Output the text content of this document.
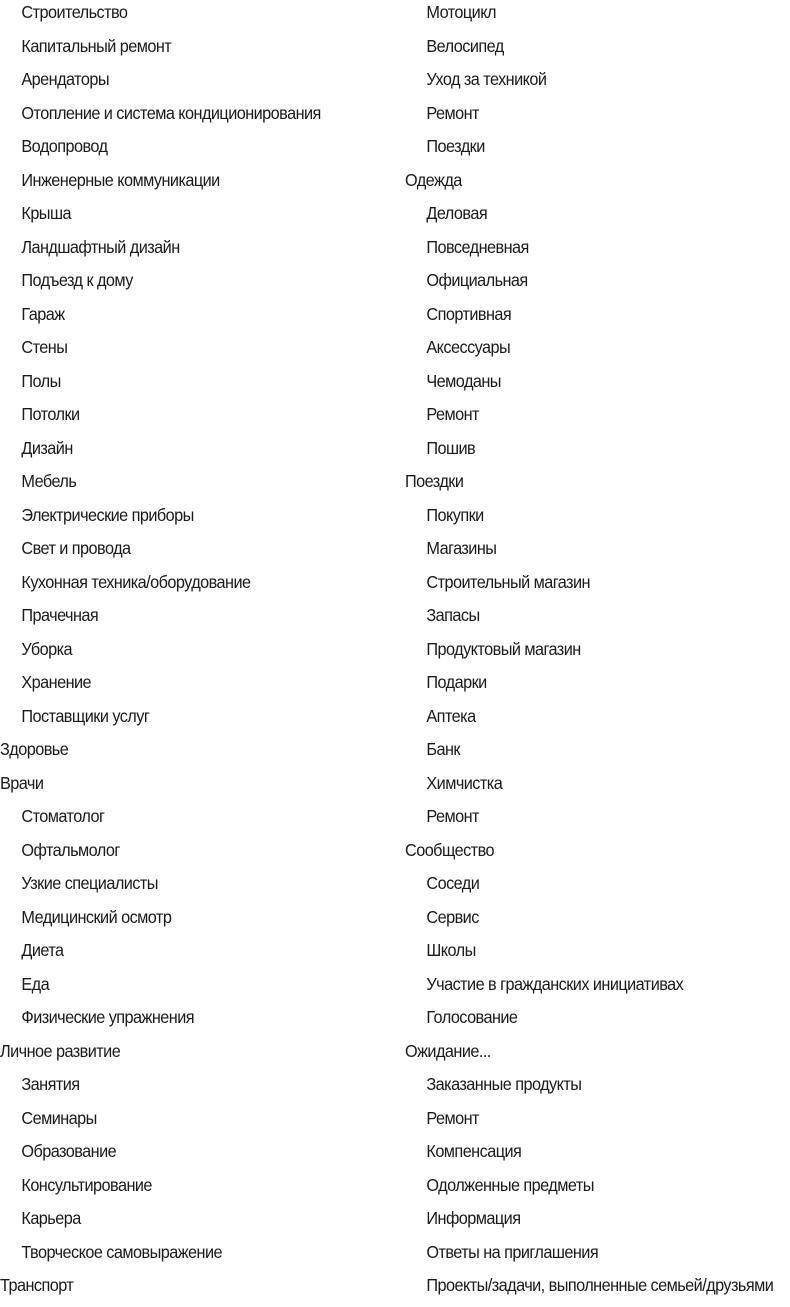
Строительство
Капитальный ремонт
Арендаторы
Отопление и система кондиционирования
Водопровод
Инженерные коммуникации
Крыша
Ландшафтный дизайн
Подъезд к дому
Гараж
Стены
Полы
Потолки
Дизайн
Мебель
Электрические приборы
Свет и провода
Кухонная техника/оборудование
Прачечная
Уборка
Хранение
Поставщики услуг
Здоровье
Врачи
Стоматолог
Офтальмолог
Узкие специалисты
Медицинский осмотр
Диета
Еда
Физические упражнения
Личное развитие
Занятия
Семинары
Образование
Консультирование
Карьера
Творческое самовыражение
Транспорт
Мотоцикл
Велосипед
Уход за техникой
Ремонт
Поездки
Одежда
Деловая
Повседневная
Официальная
Спортивная
Аксессуары
Чемоданы
Ремонт
Пошив
Поездки
Покупки
Магазины
Строительный магазин
Запасы
Продуктовый магазин
Подарки
Аптека
Банк
Химчистка
Ремонт
Сообщество
Соседи
Сервис
Школы
Участие в гражданских инициативах
Голосование
Ожидание...
Заказанные продукты
Ремонт
Компенсация
Одолженные предметы
Информация
Ответы на приглашения
Проекты/задачи, выполненные семьей/друзьями
